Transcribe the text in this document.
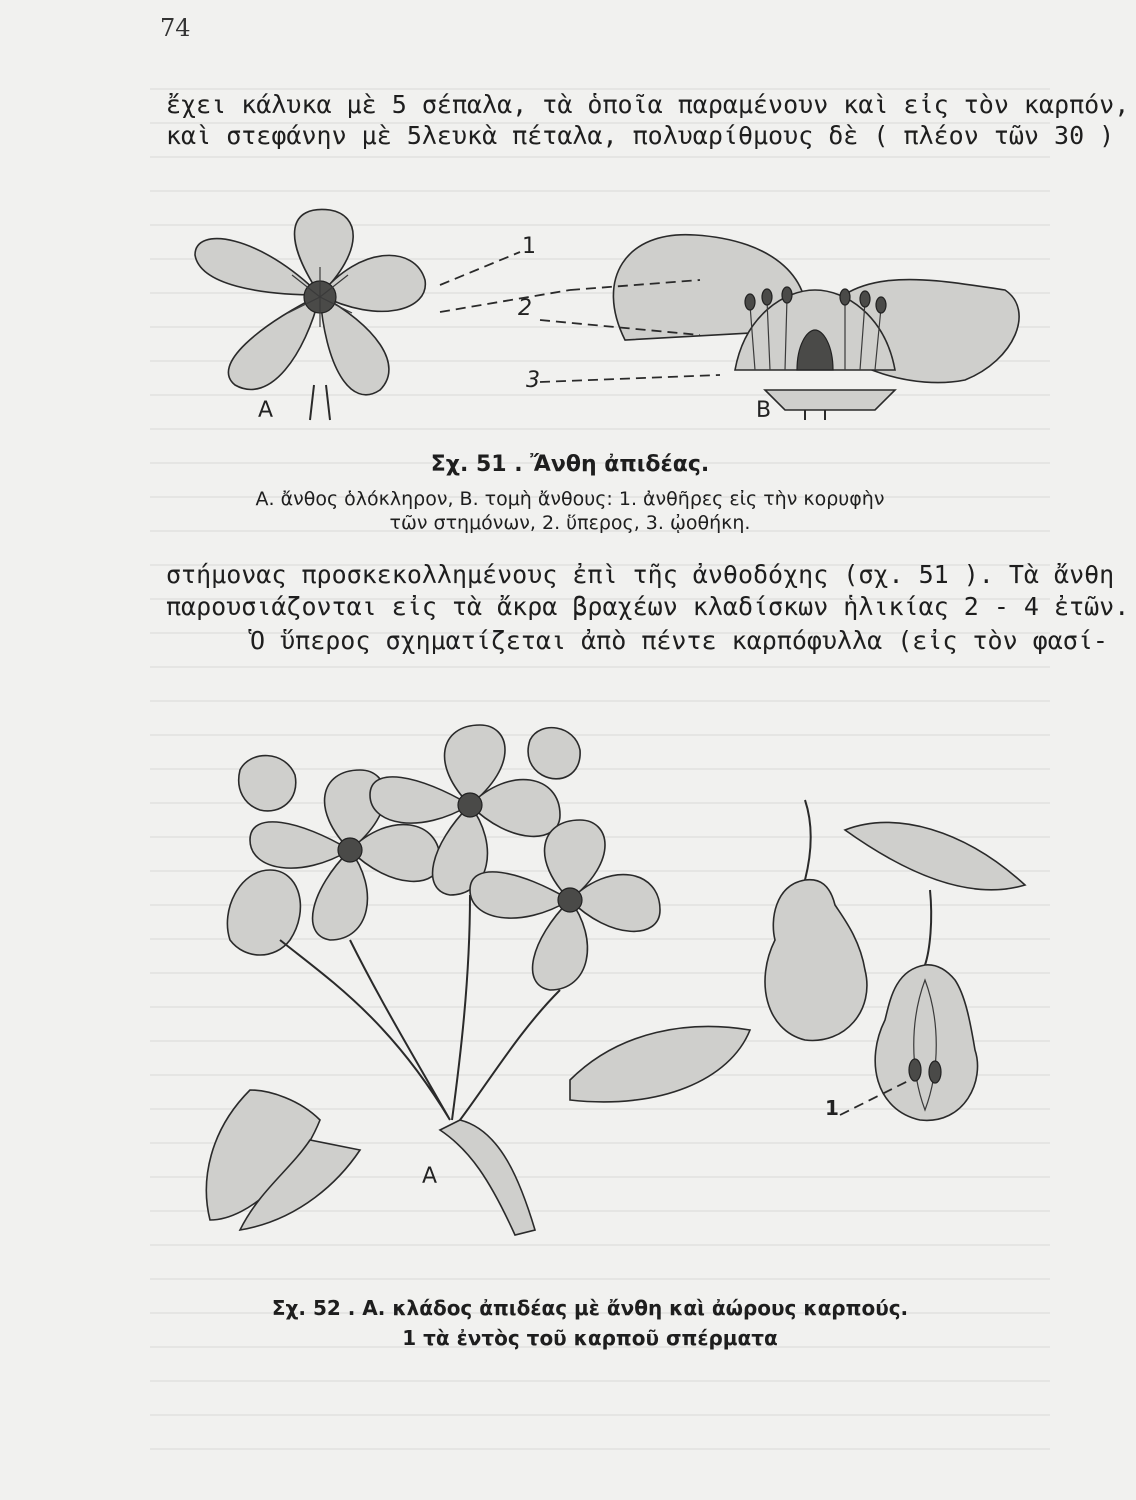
74
ἔχει κάλυκα μὲ 5 σέπαλα, τὰ ὁποῖα παραμένουν καὶ εἰς τὸν καρπόν,
καὶ στεφάνην μὲ 5λευκὰ πέταλα, πολυαρίθμους δὲ ( πλέον τῶν 30 )
1
2
3
Α	Β
Σχ. 51 . Ἄνθη ἀπιδέας.
Α. ἄνθος ὁλόκληρον, Β. τομὴ ἄνθους: 1. ἀνθῆρες εἰς τὴν κορυφὴν
τῶν στημόνων, 2. ὕπερος, 3. ᾠοθήκη.
στήμονας προσκεκολλημένους ἐπὶ τῆς ἀνθοδόχης (σχ. 51 ). Τὰ ἄνθη
παρουσιάζονται εἰς τὰ ἄκρα βραχέων κλαδίσκων ἡλικίας 2 - 4 ἐτῶν.
Ὁ ὕπερος σχηματίζεται ἀπὸ πέντε καρπόφυλλα (εἰς τὸν φασί-
1
Α
Σχ. 52 . Α. κλάδος ἀπιδέας μὲ ἄνθη καὶ ἀώρους καρπούς.
1 τὰ ἐντὸς τοῦ καρποῦ σπέρματα
